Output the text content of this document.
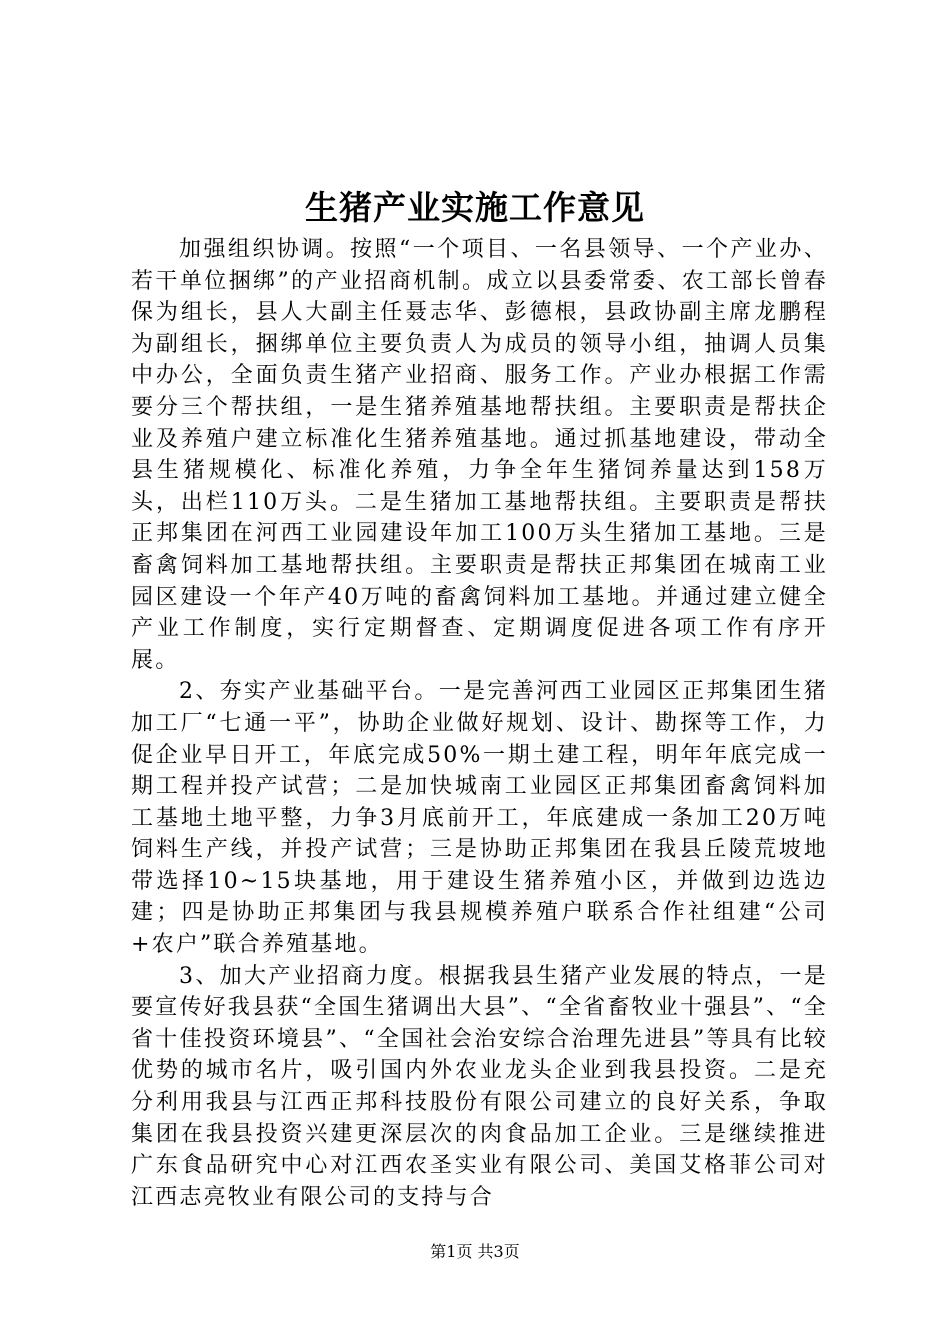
生猪产业实施工作意见

加强组织协调。按照“一个项目、一名县领导、一个产业办、若干单位捆绑”的产业招商机制。成立以县委常委、农工部长曾春保为组长，县人大副主任聂志华、彭德根，县政协副主席龙鹏程为副组长，捆绑单位主要负责人为成员的领导小组，抽调人员集中办公，全面负责生猪产业招商、服务工作。产业办根据工作需要分三个帮扶组，一是生猪养殖基地帮扶组。主要职责是帮扶企业及养殖户建立标准化生猪养殖基地。通过抓基地建设，带动全县生猪规模化、标准化养殖，力争全年生猪饲养量达到158万头，出栏110万头。二是生猪加工基地帮扶组。主要职责是帮扶正邦集团在河西工业园建设年加工100万头生猪加工基地。三是畜禽饲料加工基地帮扶组。主要职责是帮扶正邦集团在城南工业园区建设一个年产40万吨的畜禽饲料加工基地。并通过建立健全产业工作制度，实行定期督查、定期调度促进各项工作有序开展。

2、夯实产业基础平台。一是完善河西工业园区正邦集团生猪加工厂“七通一平”，协助企业做好规划、设计、勘探等工作，力促企业早日开工，年底完成50%一期土建工程，明年年底完成一期工程并投产试营；二是加快城南工业园区正邦集团畜禽饲料加工基地土地平整，力争3月底前开工，年底建成一条加工20万吨饲料生产线，并投产试营；三是协助正邦集团在我县丘陵荒坡地带选择10~15块基地，用于建设生猪养殖小区，并做到边选边建；四是协助正邦集团与我县规模养殖户联系合作社组建“公司+农户”联合养殖基地。

3、加大产业招商力度。根据我县生猪产业发展的特点，一是要宣传好我县获“全国生猪调出大县”、“全省畜牧业十强县”、“全省十佳投资环境县”、“全国社会治安综合治理先进县”等具有比较优势的城市名片，吸引国内外农业龙头企业到我县投资。二是充分利用我县与江西正邦科技股份有限公司建立的良好关系，争取集团在我县投资兴建更深层次的肉食品加工企业。三是继续推进广东食品研究中心对江西农圣实业有限公司、美国艾格菲公司对江西志亮牧业有限公司的支持与合

第1页 共3页
